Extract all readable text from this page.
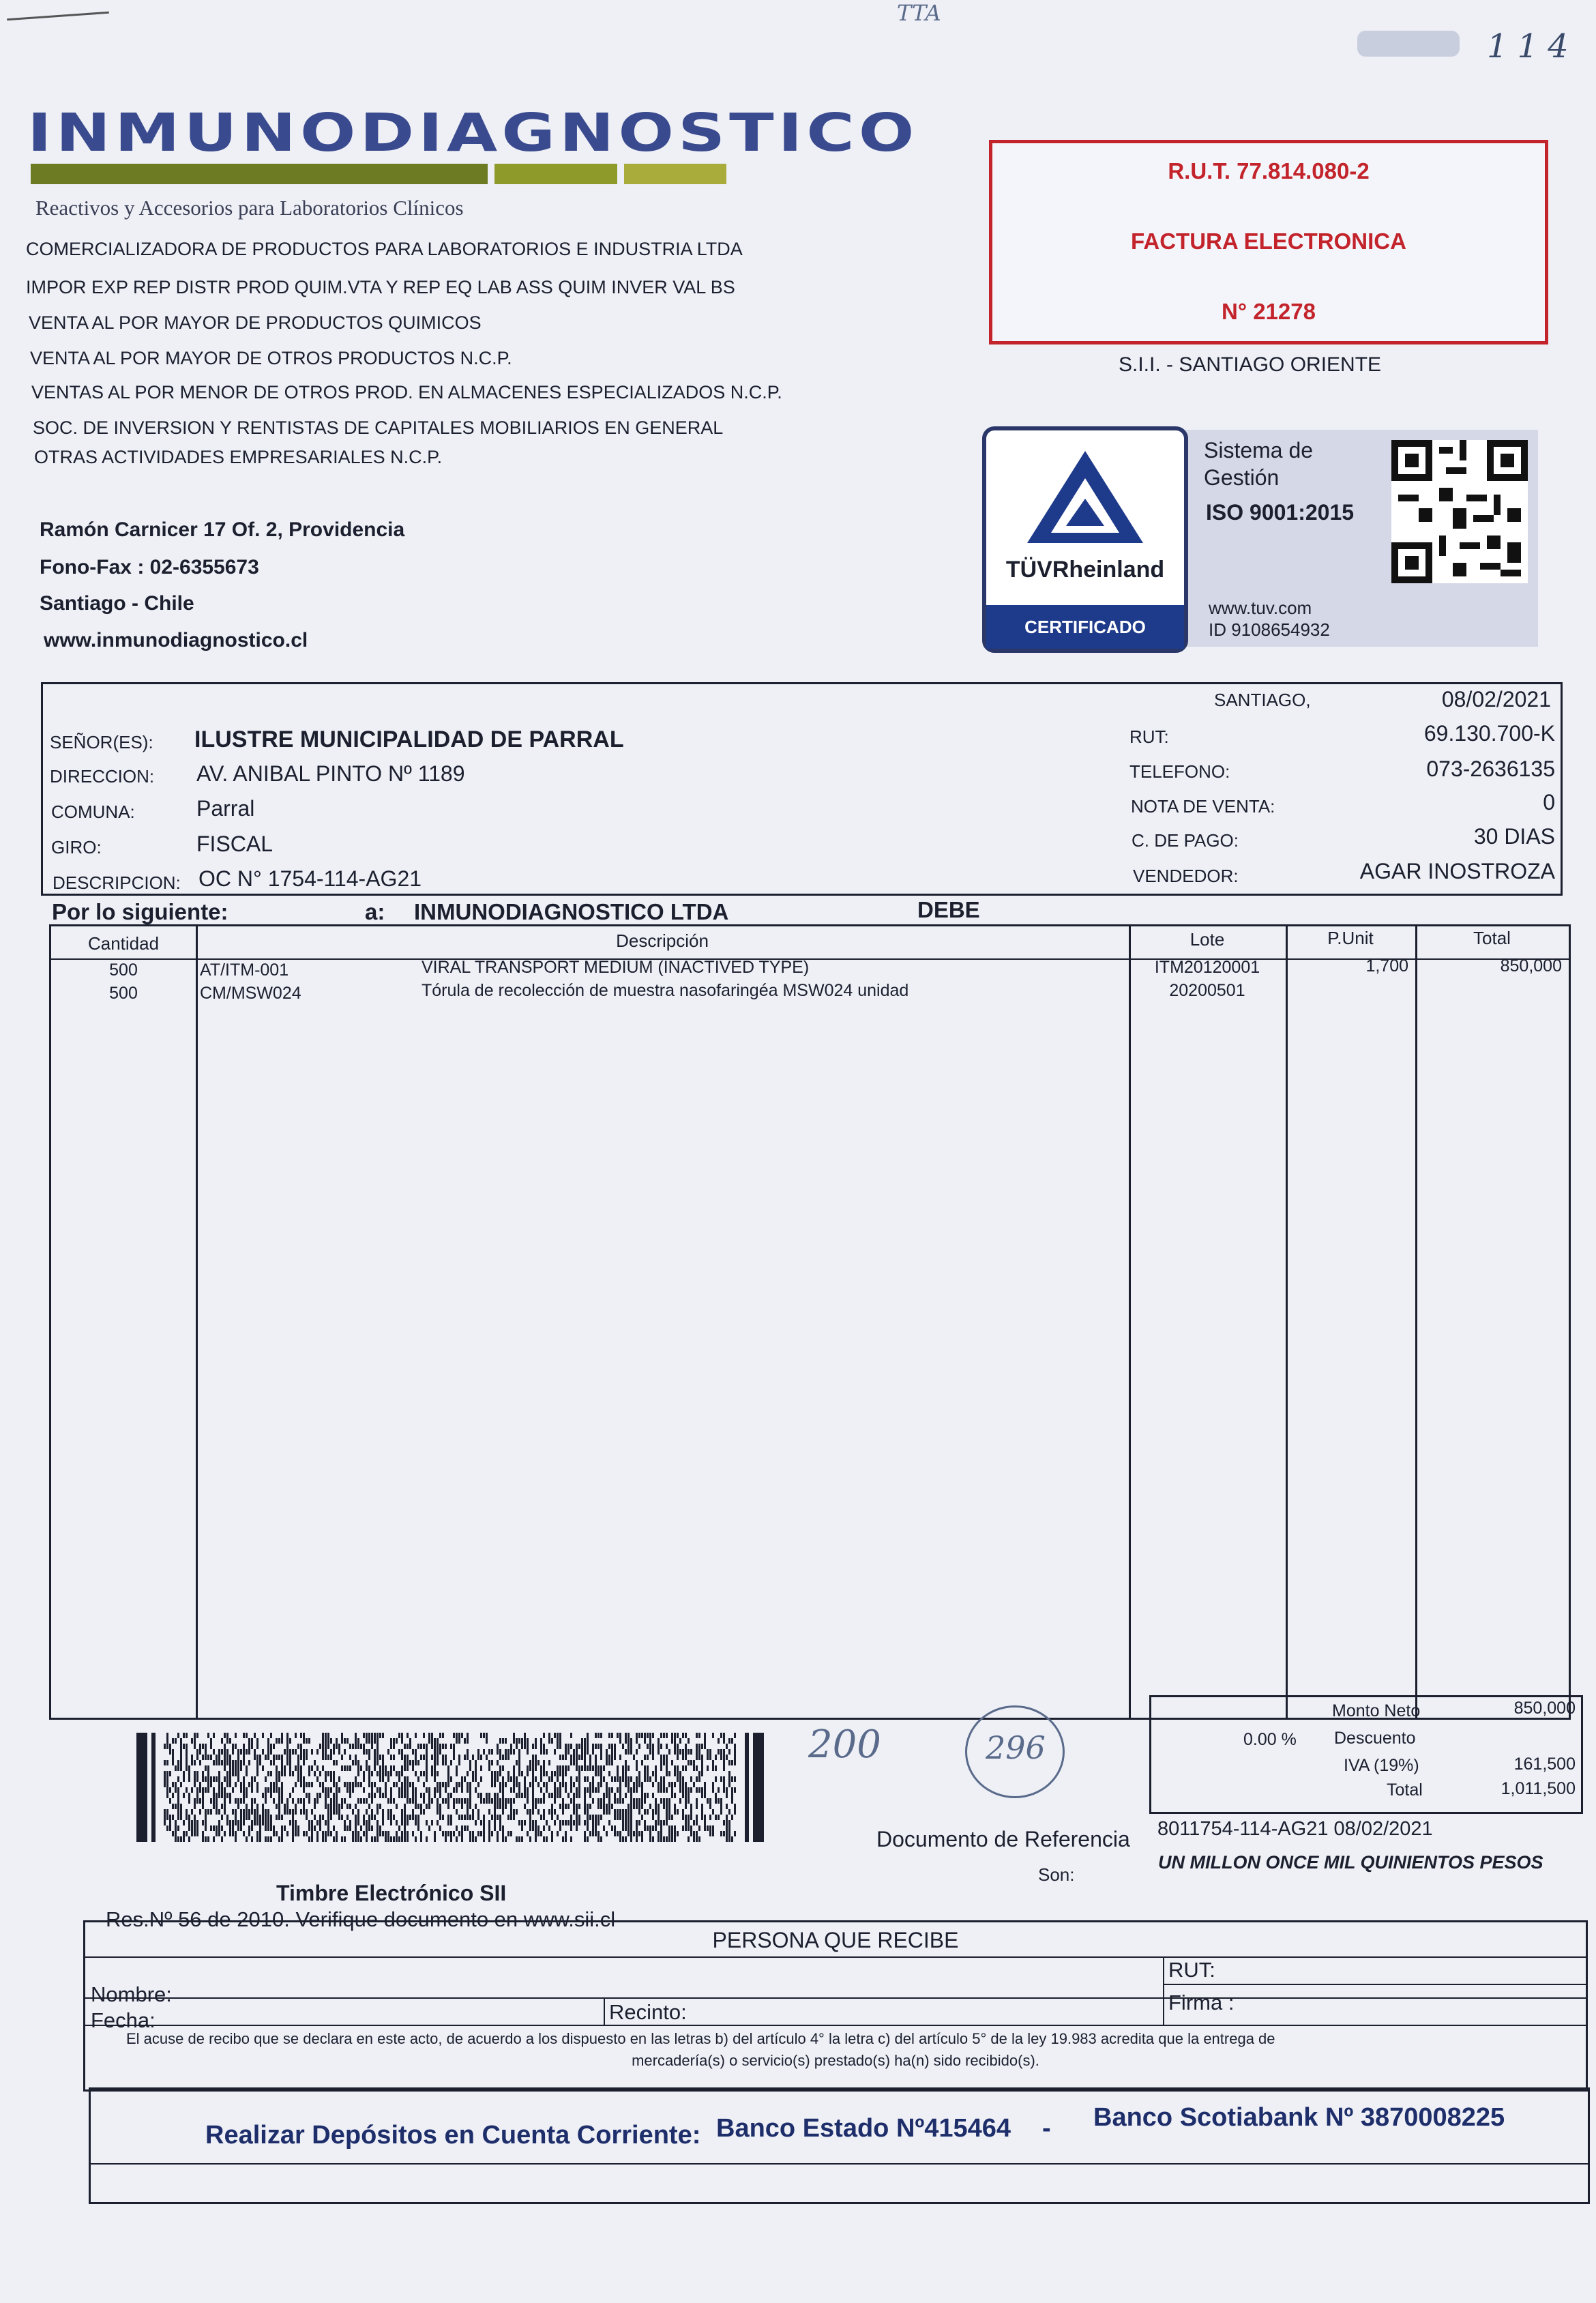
TTA
114
INMUNODIAGNOSTICO
Reactivos y Accesorios para Laboratorios Clínicos
COMERCIALIZADORA DE PRODUCTOS PARA LABORATORIOS E INDUSTRIA LTDA
IMPOR EXP REP DISTR PROD QUIM.VTA Y REP EQ LAB ASS QUIM INVER VAL BS
VENTA AL POR MAYOR DE PRODUCTOS QUIMICOS
VENTA AL POR MAYOR DE OTROS PRODUCTOS N.C.P.
VENTAS AL POR MENOR DE OTROS PROD. EN ALMACENES ESPECIALIZADOS N.C.P.
SOC. DE INVERSION Y RENTISTAS DE CAPITALES MOBILIARIOS EN GENERAL
OTRAS ACTIVIDADES EMPRESARIALES N.C.P.
Ramón Carnicer 17 Of. 2, Providencia
Fono-Fax : 02-6355673
Santiago - Chile
www.inmunodiagnostico.cl
R.U.T. 77.814.080-2
FACTURA ELECTRONICA
N° 21278
S.I.I. - SANTIAGO ORIENTE
TÜVRheinland
CERTIFICADO
Sistema de Gestión
ISO 9001:2015
www.tuv.com
ID 9108654932
SANTIAGO,	08/02/2021
SEÑOR(ES): ILUSTRE MUNICIPALIDAD DE PARRAL
DIRECCION: AV. ANIBAL PINTO Nº 1189
COMUNA:	Parral
GIRO:	FISCAL
DESCRIPCION: OC N° 1754-114-AG21
RUT:	69.130.700-K
TELEFONO:	073-2636135
NOTA DE VENTA:	0
C. DE PAGO:	30 DIAS
VENDEDOR:	AGAR INOSTROZA
Por lo siguiente:	a: INMUNODIAGNOSTICO LTDA	DEBE
Cantidad	Descripción	Lote	P.Unit	Total
500	AT/ITM-001	VIRAL TRANSPORT MEDIUM (INACTIVED TYPE)	ITM20120001	1,700	850,000
500	CM/MSW024	Tórula de recolección de muestra nasofaringéa MSW024 unidad	20200501
200	296
Monto Neto	850,000
0.00 % Descuento
IVA (19%)	161,500
Total	1,011,500
Documento de Referencia 8011754-114-AG21 08/02/2021
Son:
UN MILLON ONCE MIL QUINIENTOS PESOS
Timbre Electrónico SII
Res.Nº 56 de 2010. Verifique documento en www.sii.cl
PERSONA QUE RECIBE
Nombre:
RUT:
Firma :
Fecha:	Recinto:
El acuse de recibo que se declara en este acto, de acuerdo a los dispuesto en las letras b) del artículo 4° la letra c) del artículo 5° de la ley 19.983 acredita que la entrega de
mercadería(s) o servicio(s) prestado(s) ha(n) sido recibido(s).
Realizar Depósitos en Cuenta Corriente: Banco Estado Nº415464 - Banco Scotiabank Nº 3870008225
